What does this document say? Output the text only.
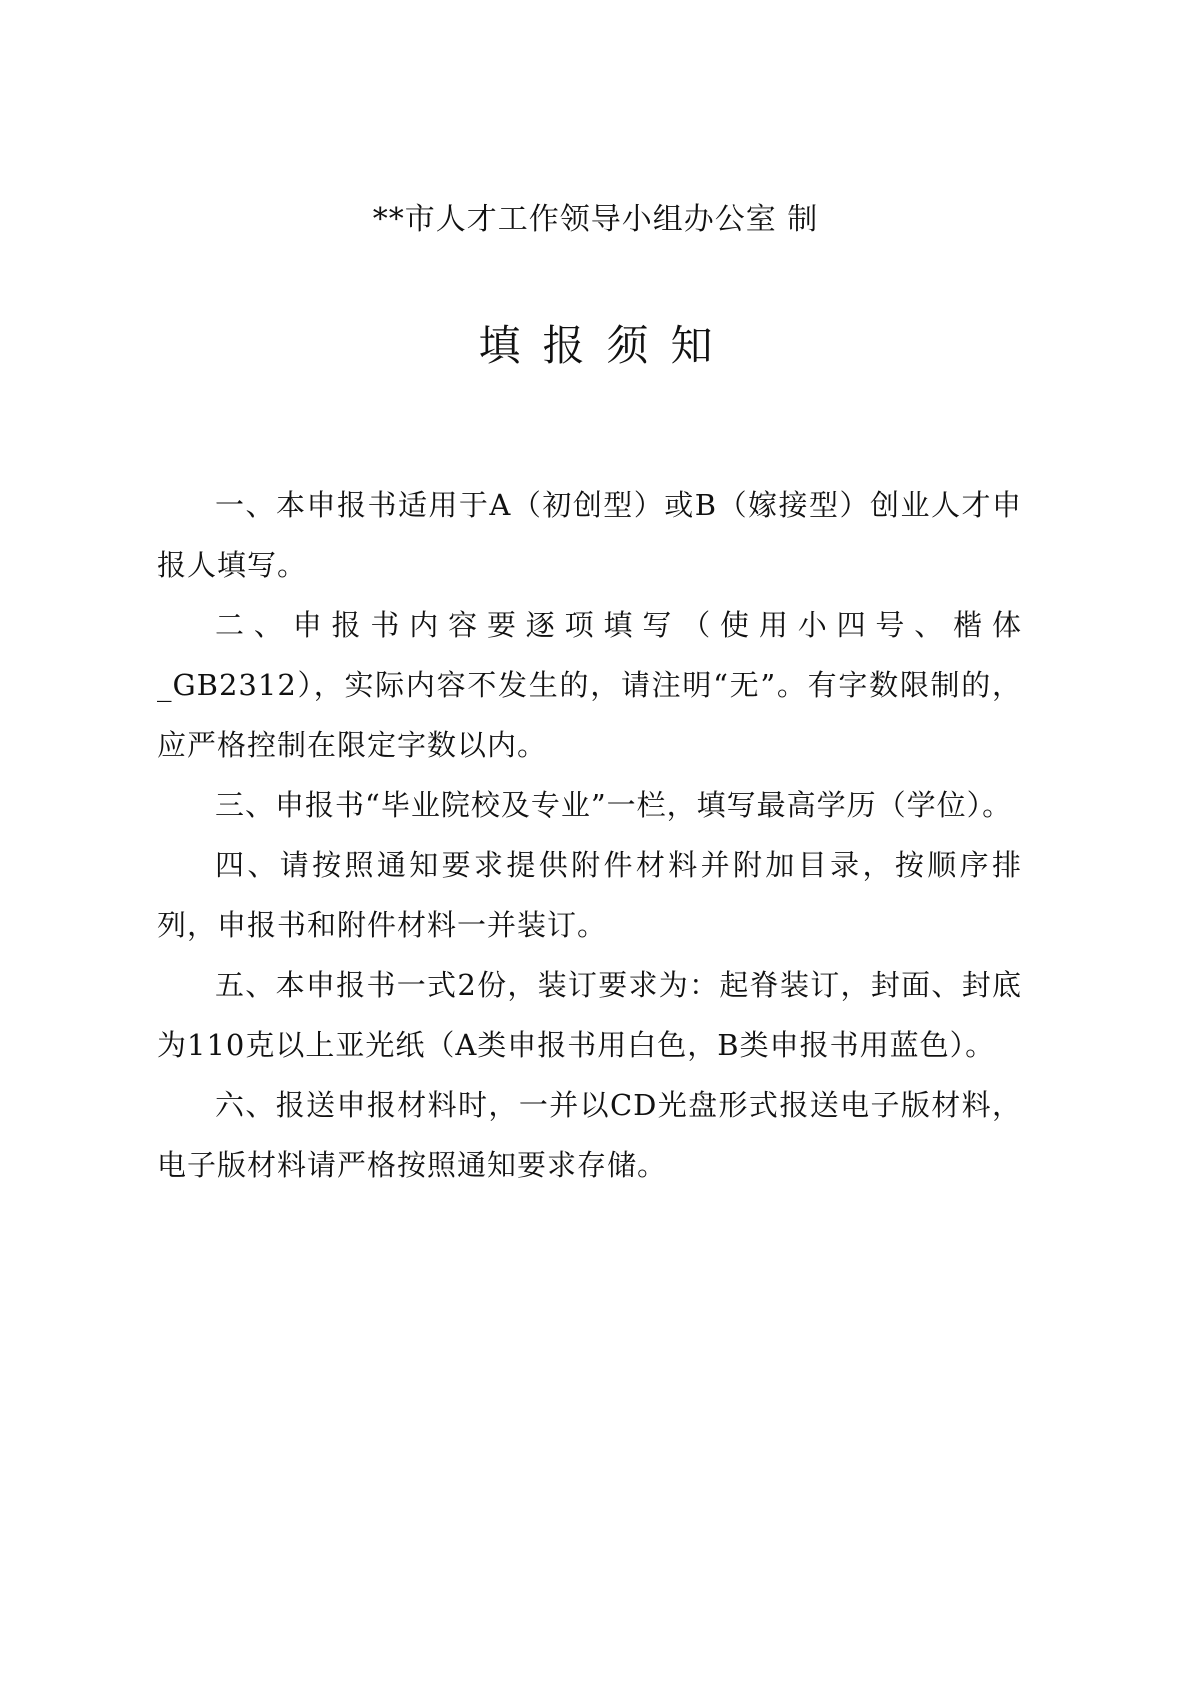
**市人才工作领导小组办公室 制
填报须知

一、本申报书适用于A（初创型）或B（嫁接型）创业人才申报人填写。

二、申报书内容要逐项填写（使用小四号、楷体_GB2312），实际内容不发生的，请注明“无”。有字数限制的，应严格控制在限定字数以内。

三、申报书“毕业院校及专业”一栏，填写最高学历（学位）。

四、请按照通知要求提供附件材料并附加目录，按顺序排列，申报书和附件材料一并装订。

五、本申报书一式2份，装订要求为：起脊装订，封面、封底为110克以上亚光纸（A类申报书用白色，B类申报书用蓝色）。

六、报送申报材料时，一并以CD光盘形式报送电子版材料，电子版材料请严格按照通知要求存储。
